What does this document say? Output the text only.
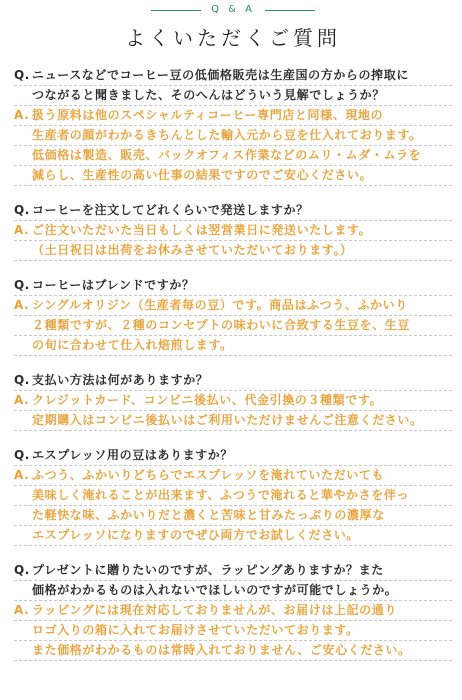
Q & A
よくいただくご質問
Q. ニュースなどでコーヒー豆の低価格販売は生産国の方からの搾取に
つながると聞きました、そのへんはどういう見解でしょうか？
A. 扱う原料は他のスペシャルティコーヒー専門店と同様、現地の
生産者の顔がわかるきちんとした輸入元から豆を仕入れております。
低価格は製造、販売、バックオフィス作業などのムリ・ムダ・ムラを
減らし、生産性の高い仕事の結果ですのでご安心ください。
Q. コーヒーを注文してどれくらいで発送しますか？
A. ご注文いただいた当日もしくは翌営業日に発送いたします。
（土日祝日は出荷をお休みさせていただいております。）
Q. コーヒーはブレンドですか？
A. シングルオリジン（生産者毎の豆）です。商品はふつう、ふかいり
２種類ですが、２種のコンセプトの味わいに合致する生豆を、生豆
の旬に合わせて仕入れ焙煎します。
Q. 支払い方法は何がありますか？
A. クレジットカード、コンビニ後払い、代金引換の３種類です。
定期購入はコンビニ後払いはご利用いただけませんご注意ください。
Q. エスプレッソ用の豆はありますか？
A. ふつう、ふかいりどちらでエスプレッソを淹れていただいても
美味しく淹れることが出来ます、ふつうで淹れると華やかさを伴っ
た軽快な味、ふかいりだと濃くと苦味と甘みたっぷりの濃厚な
エスプレッソになりますのでぜひ両方でお試しください。
Q. プレゼントに贈りたいのですが、ラッピングありますか？また
価格がわかるものは入れないでほしいのですが可能でしょうか。
A. ラッピングには現在対応しておりませんが、お届けは上記の通り
ロゴ入りの箱に入れてお届けさせていただいております。
また価格がわかるものは常時入れておりません、ご安心ください。
